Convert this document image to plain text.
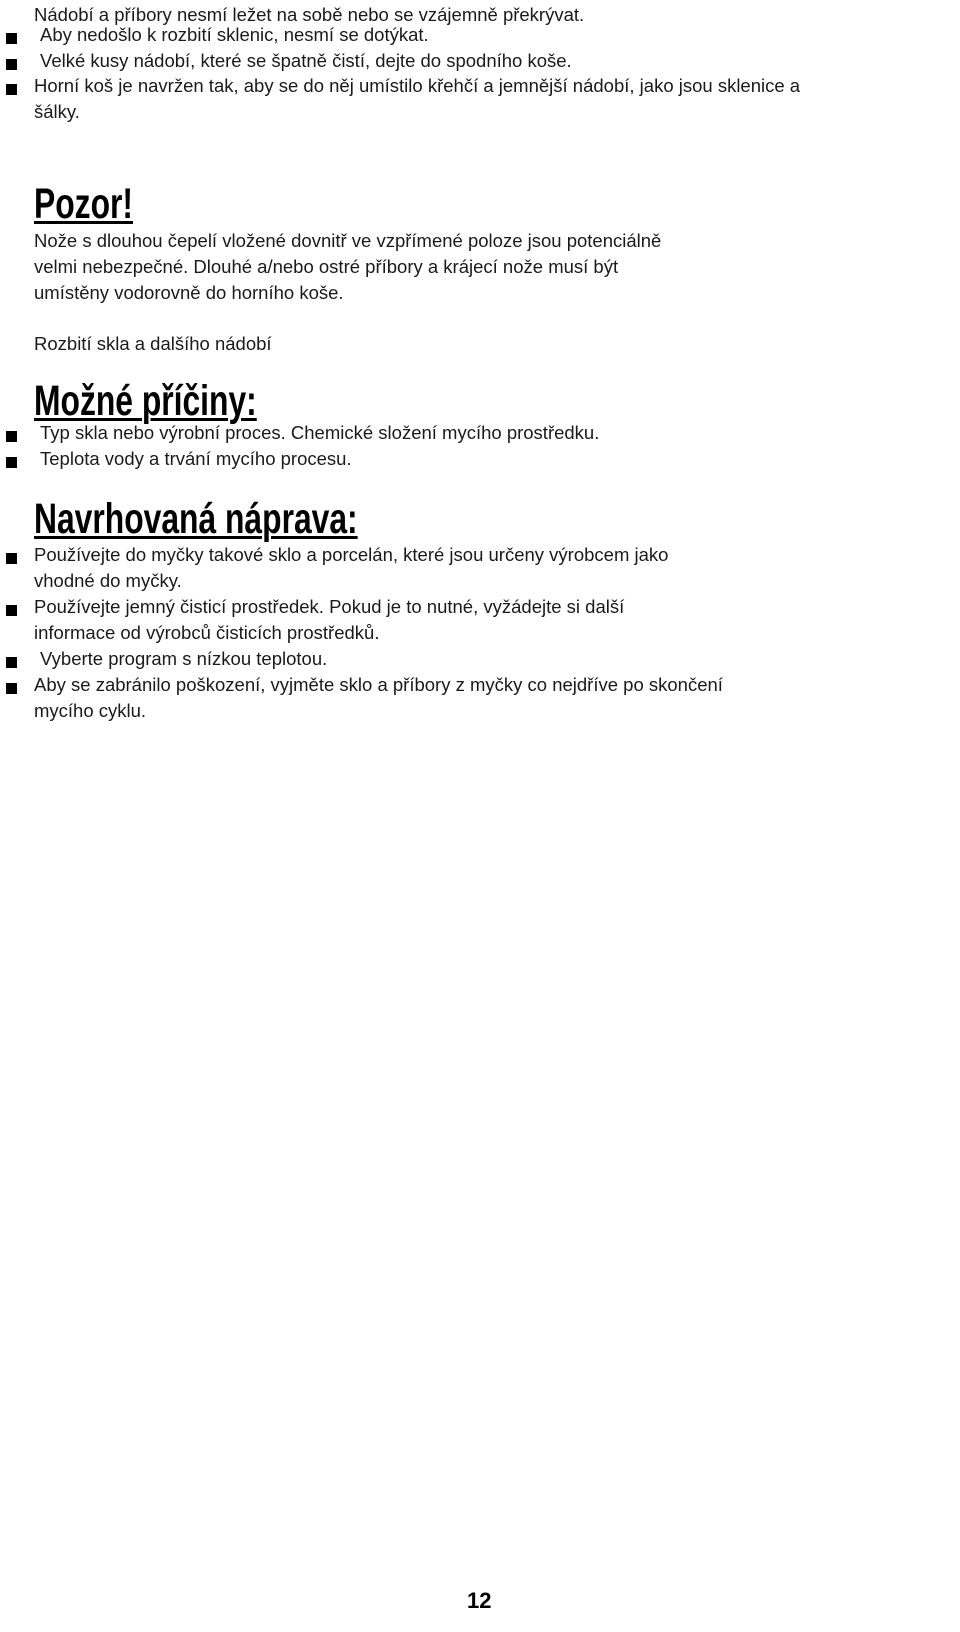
Nádobí a příbory nesmí ležet na sobě nebo se vzájemně překrývat.
Aby nedošlo k rozbití sklenic, nesmí se dotýkat.
Velké kusy nádobí, které se špatně čistí, dejte do spodního koše.
Horní koš je navržen tak, aby se do něj umístilo křehčí a jemnější nádobí, jako jsou sklenice a
šálky.
Pozor!
Nože s dlouhou čepelí vložené dovnitř ve vzpřímené poloze jsou potenciálně
velmi nebezpečné. Dlouhé a/nebo ostré příbory a krájecí nože musí být
umístěny vodorovně do horního koše.
Rozbití skla a dalšího nádobí
Možné příčiny:
Typ skla nebo výrobní proces. Chemické složení mycího prostředku.
Teplota vody a trvání mycího procesu.
Navrhovaná náprava:
Používejte do myčky takové sklo a porcelán, které jsou určeny výrobcem jako
vhodné do myčky.
Používejte jemný čisticí prostředek. Pokud je to nutné, vyžádejte si další
informace od výrobců čisticích prostředků.
Vyberte program s nízkou teplotou.
Aby se zabránilo poškození, vyjměte sklo a příbory z myčky co nejdříve po skončení
mycího cyklu.
12
